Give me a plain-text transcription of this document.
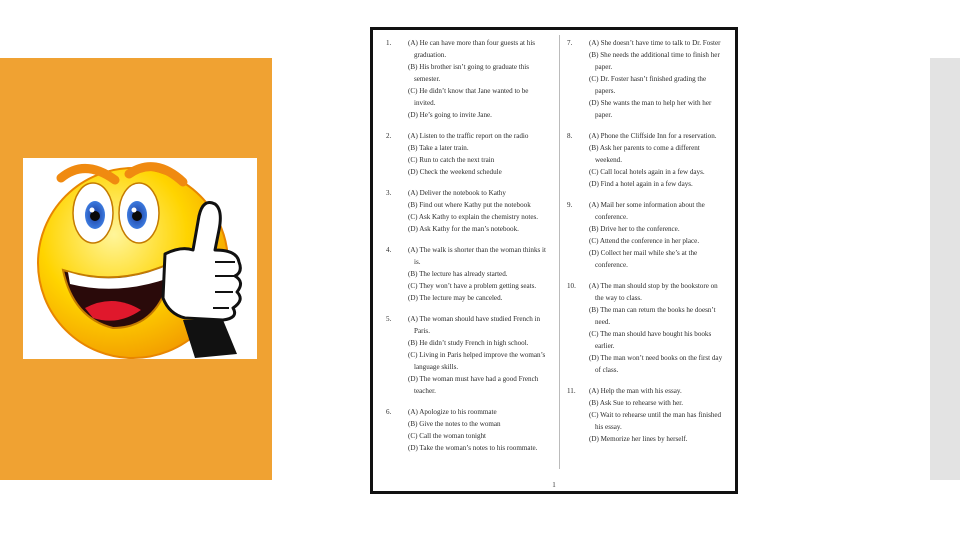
1. (A) He can have more than four guests at his
graduation.
(B) His brother isn’t going to graduate this
semester.
(C) He didn’t know that Jane wanted to be
invited.
(D) He’s going to invite Jane.
2. (A) Listen to the traffic report on the radio
(B) Take a later train.
(C) Run to catch the next train
(D) Check the weekend schedule
3. (A) Deliver the notebook to Kathy
(B) Find out where Kathy put the notebook
(C) Ask Kathy to explain the chemistry notes.
(D) Ask Kathy for the man’s notebook.
4. (A) The walk is shorter than the woman thinks it
is.
(B) The lecture has already started.
(C) They won’t have a problem getting seats.
(D) The lecture may be canceled.
5. (A) The woman should have studied French in
Paris.
(B) He didn’t study French in high school.
(C) Living in Paris helped improve the woman’s
language skills.
(D) The woman must have had a good French
teacher.
6. (A) Apologize to his roommate
(B) Give the notes to the woman
(C) Call the woman tonight
(D) Take the woman’s notes to his roommate.
7. (A) She doesn’t have time to talk to Dr. Foster
(B) She needs the additional time to finish her
paper.
(C) Dr. Foster hasn’t finished grading the
papers.
(D) She wants the man to help her with her
paper.
8. (A) Phone the Cliffside Inn for a reservation.
(B) Ask her parents to come a different
weekend.
(C) Call local hotels again in a few days.
(D) Find a hotel again in a few days.
9. (A) Mail her some information about the
conference.
(B) Drive her to the conference.
(C) Attend the conference in her place.
(D) Collect her mail while she’s at the
conference.
10. (A) The man should stop by the bookstore on
the way to class.
(B) The man can return the books he doesn’t
need.
(C) The man should have bought his books
earlier.
(D) The man won’t need books on the first day
of class.
11. (A) Help the man with his essay.
(B) Ask Sue to rehearse with her.
(C) Wait to rehearse until the man has finished
his essay.
(D) Memorize her lines by herself.
1
